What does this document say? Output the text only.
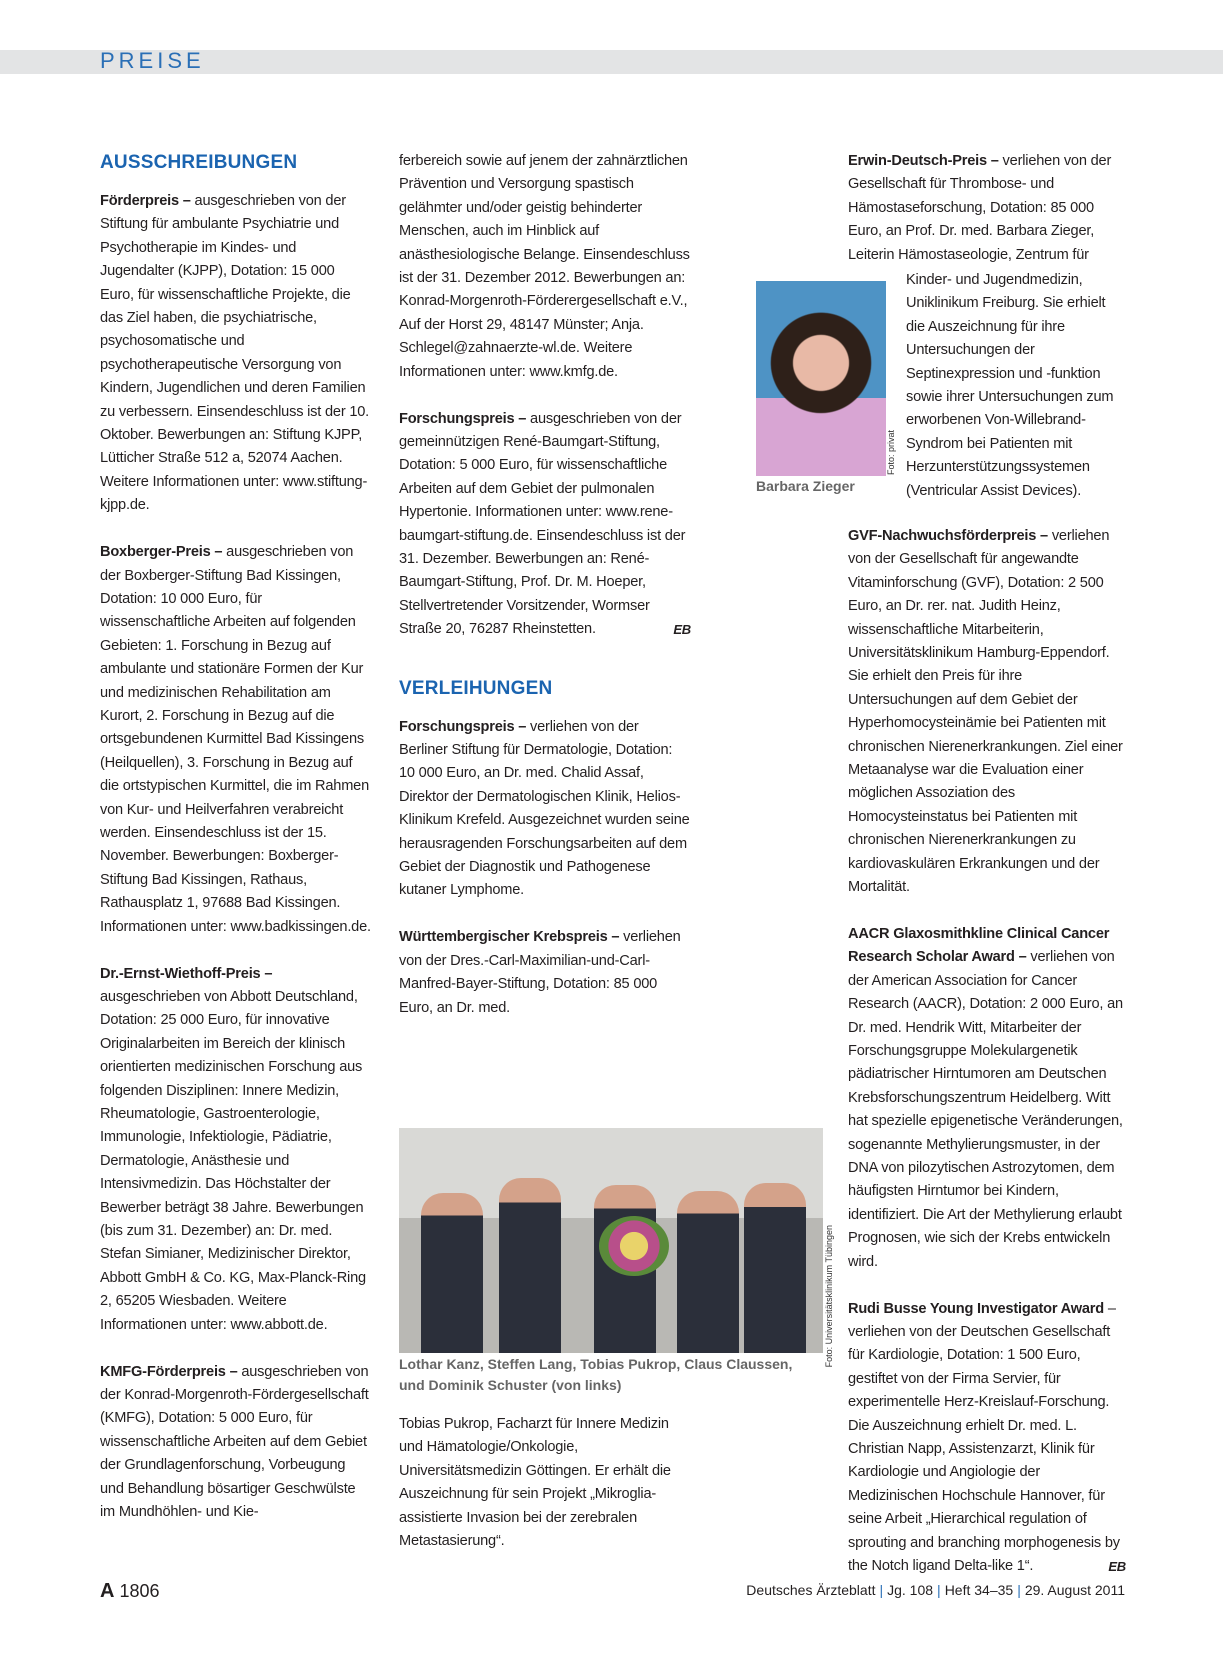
PREISE
AUSSCHREIBUNGEN

Förderpreis – ausgeschrieben von der Stiftung für ambulante Psychiatrie und Psychotherapie im Kindes- und Jugendalter (KJPP), Dotation: 15 000 Euro, für wissenschaftliche Projekte, die das Ziel haben, die psychiatrische, psychosomatische und psychotherapeutische Versorgung von Kindern, Jugendlichen und deren Familien zu verbessern. Einsendeschluss ist der 10. Oktober. Bewerbungen an: Stiftung KJPP, Lütticher Straße 512 a, 52074 Aachen. Weitere Informationen unter: www.stiftung-kjpp.de.

Boxberger-Preis – ausgeschrieben von der Boxberger-Stiftung Bad Kissingen, Dotation: 10 000 Euro, für wissenschaftliche Arbeiten auf folgenden Gebieten: 1. Forschung in Bezug auf ambulante und stationäre Formen der Kur und medizinischen Rehabilitation am Kurort, 2. Forschung in Bezug auf die ortsgebundenen Kurmittel Bad Kissingens (Heilquellen), 3. Forschung in Bezug auf die ortstypischen Kurmittel, die im Rahmen von Kur- und Heilverfahren verabreicht werden. Einsendeschluss ist der 15. November. Bewerbungen: Boxberger-Stiftung Bad Kissingen, Rathaus, Rathausplatz 1, 97688 Bad Kissingen. Informationen unter: www.badkissingen.de.

Dr.-Ernst-Wiethoff-Preis – ausgeschrieben von Abbott Deutschland, Dotation: 25 000 Euro, für innovative Originalarbeiten im Bereich der klinisch orientierten medizinischen Forschung aus folgenden Disziplinen: Innere Medizin, Rheumatologie, Gastroenterologie, Immunologie, Infektiologie, Pädiatrie, Dermatologie, Anästhesie und Intensivmedizin. Das Höchstalter der Bewerber beträgt 38 Jahre. Bewerbungen (bis zum 31. Dezember) an: Dr. med. Stefan Simianer, Medizinischer Direktor, Abbott GmbH & Co. KG, Max-Planck-Ring 2, 65205 Wiesbaden. Weitere Informationen unter: www.abbott.de.

KMFG-Förderpreis – ausgeschrieben von der Konrad-Morgenroth-Fördergesellschaft (KMFG), Dotation: 5 000 Euro, für wissenschaftliche Arbeiten auf dem Gebiet der Grundlagenforschung, Vorbeugung und Behandlung bösartiger Geschwülste im Mundhöhlen- und Kie-

ferbereich sowie auf jenem der zahnärztlichen Prävention und Versorgung spastisch gelähmter und/oder geistig behinderter Menschen, auch im Hinblick auf anästhesiologische Belange. Einsendeschluss ist der 31. Dezember 2012. Bewerbungen an: Konrad-Morgenroth-Förderergesellschaft e.V., Auf der Horst 29, 48147 Münster; Anja. Schlegel@zahnaerzte-wl.de. Weitere Informationen unter: www.kmfg.de.

Forschungspreis – ausgeschrieben von der gemeinnützigen René-Baumgart-Stiftung, Dotation: 5 000 Euro, für wissenschaftliche Arbeiten auf dem Gebiet der pulmonalen Hypertonie. Informationen unter: www.rene-baumgart-stiftung.de. Einsendeschluss ist der 31. Dezember. Bewerbungen an: René-Baumgart-Stiftung, Prof. Dr. M. Hoeper, Stellvertretender Vorsitzender, Wormser Straße 20, 76287 Rheinstetten.	EB

VERLEIHUNGEN

Forschungspreis – verliehen von der Berliner Stiftung für Dermatologie, Dotation: 10 000 Euro, an Dr. med. Chalid Assaf, Direktor der Dermatologischen Klinik, Helios-Klinikum Krefeld. Ausgezeichnet wurden seine herausragenden Forschungsarbeiten auf dem Gebiet der Diagnostik und Pathogenese kutaner Lymphome.

Württembergischer Krebspreis – verliehen von der Dres.-Carl-Maximilian-und-Carl-Manfred-Bayer-Stiftung, Dotation: 85 000 Euro, an Dr. med.

Foto: Universitätsklinikum Tübingen
Lothar Kanz, Steffen Lang, Tobias Pukrop, Claus Claussen, und Dominik Schuster (von links)

Tobias Pukrop, Facharzt für Innere Medizin und Hämatologie/Onkologie, Universitätsmedizin Göttingen. Er erhält die Auszeichnung für sein Projekt „Mikroglia-assistierte Invasion bei der zerebralen Metastasierung“.

Erwin-Deutsch-Preis – verliehen von der Gesellschaft für Thrombose- und Hämostaseforschung, Dotation: 85 000 Euro, an Prof. Dr. med. Barbara Zieger, Leiterin Hämostaseologie, Zentrum für

Foto: privat
Barbara Zieger

Kinder- und Jugendmedizin, Uniklinikum Freiburg. Sie erhielt die Auszeichnung für ihre Untersuchungen der Septinexpression und -funktion sowie ihrer Untersuchungen zum erworbenen Von-Willebrand-Syndrom bei Patienten mit Herzunterstützungssystemen (Ventricular Assist Devices).

GVF-Nachwuchsförderpreis – verliehen von der Gesellschaft für angewandte Vitaminforschung (GVF), Dotation: 2 500 Euro, an Dr. rer. nat. Judith Heinz, wissenschaftliche Mitarbeiterin, Universitätsklinikum Hamburg-Eppendorf. Sie erhielt den Preis für ihre Untersuchungen auf dem Gebiet der Hyperhomocysteinämie bei Patienten mit chronischen Nierenerkrankungen. Ziel einer Metaanalyse war die Evaluation einer möglichen Assoziation des Homocysteinstatus bei Patienten mit chronischen Nierenerkrankungen zu kardiovaskulären Erkrankungen und der Mortalität.

AACR Glaxosmithkline Clinical Cancer Research Scholar Award – verliehen von der American Association for Cancer Research (AACR), Dotation: 2 000 Euro, an Dr. med. Hendrik Witt, Mitarbeiter der Forschungsgruppe Molekulargenetik pädiatrischer Hirntumoren am Deutschen Krebsforschungszentrum Heidelberg. Witt hat spezielle epigenetische Veränderungen, sogenannte Methylierungsmuster, in der DNA von pilozytischen Astrozytomen, dem häufigsten Hirntumor bei Kindern, identifiziert. Die Art der Methylierung erlaubt Prognosen, wie sich der Krebs entwickeln wird.

Rudi Busse Young Investigator Award – verliehen von der Deutschen Gesellschaft für Kardiologie, Dotation: 1 500 Euro, gestiftet von der Firma Servier, für experimentelle Herz-Kreislauf-Forschung. Die Auszeichnung erhielt Dr. med. L. Christian Napp, Assistenzarzt, Klinik für Kardiologie und Angiologie der Medizinischen Hochschule Hannover, für seine Arbeit „Hierarchical regulation of sprouting and branching morphogenesis by the Notch ligand Delta-like 1“.	EB

A 1806	Deutsches Ärzteblatt | Jg. 108 | Heft 34–35 | 29. August 2011
